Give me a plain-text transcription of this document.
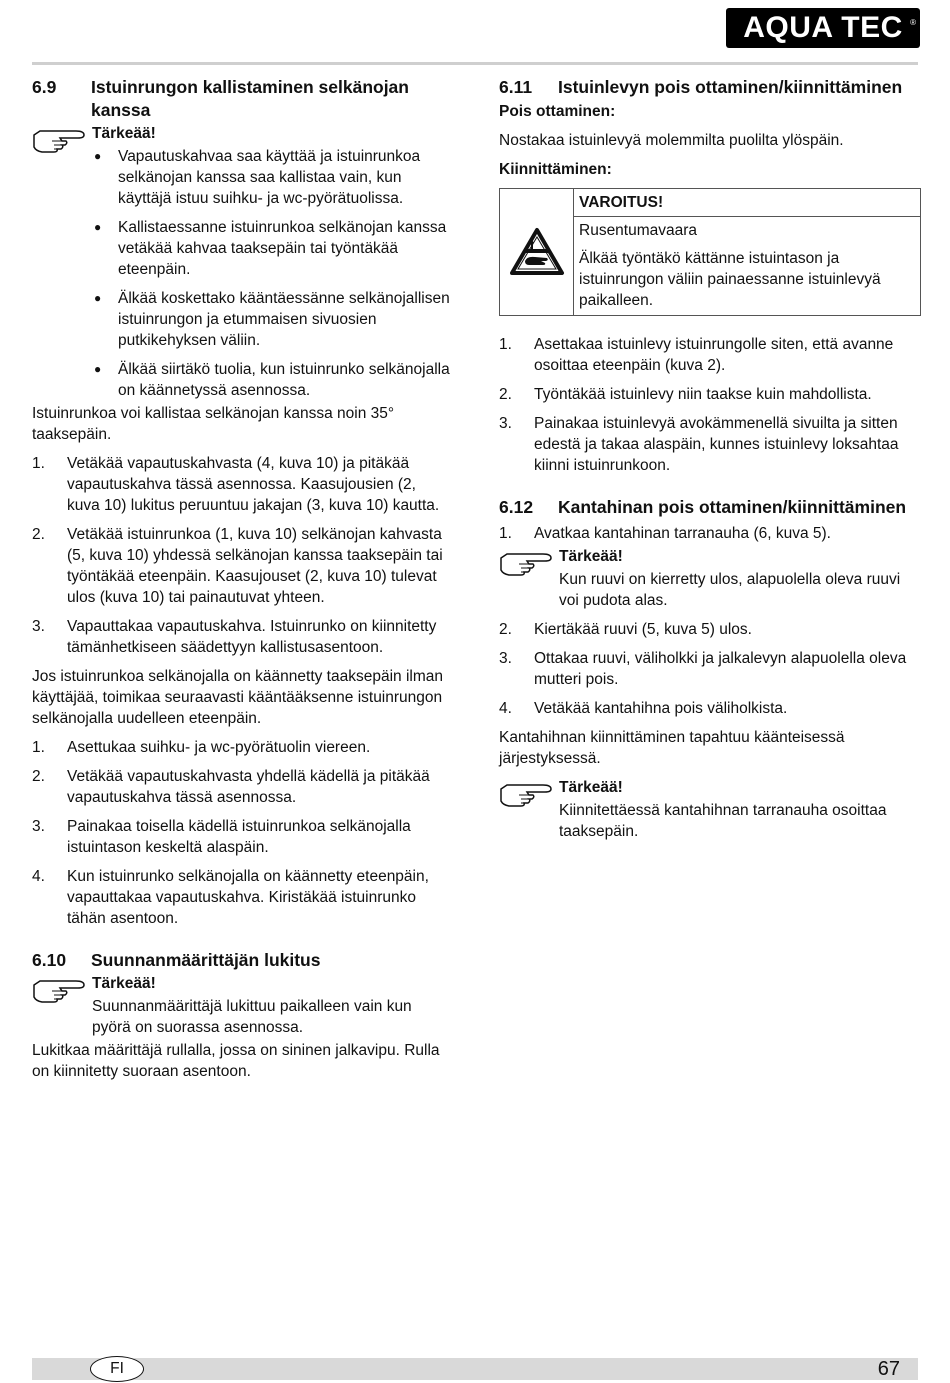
AQUA TEC ®
6.9	Istuinrungon kallistaminen selkänojan kanssa
Tärkeää!
● Vapautuskahvaa saa käyttää ja istuinrunkoa selkänojan kanssa saa kallistaa vain, kun käyttäjä istuu suihku- ja wc-pyörätuolissa.
● Kallistaessanne istuinrunkoa selkänojan kanssa vetäkää kahvaa taaksepäin tai työntäkää eteenpäin.
● Älkää koskettako kääntäessänne selkänojallisen istuinrungon ja etummaisen sivuosien putkikehyksen väliin.
● Älkää siirtäkö tuolia, kun istuinrunko selkänojalla on käännetyssä asennossa.

Istuinrunkoa voi kallistaa selkänojan kanssa noin 35° taaksepäin.

1.	Vetäkää vapautuskahvasta (4, kuva 10) ja pitäkää vapautuskahva tässä asennossa. Kaasujousien (2, kuva 10) lukitus peruuntuu jakajan (3, kuva 10) kautta.
2.	Vetäkää istuinrunkoa (1, kuva 10) selkänojan kahvasta (5, kuva 10) yhdessä selkänojan kanssa taaksepäin tai työntäkää eteenpäin. Kaasujouset (2, kuva 10) tulevat ulos (kuva 10) tai painautuvat yhteen.
3.	Vapauttakaa vapautuskahva. Istuinrunko on kiinnitetty tämänhetkiseen säädettyyn kallistusasentoon.

Jos istuinrunkoa selkänojalla on käännetty taaksepäin ilman käyttäjää, toimikaa seuraavasti kääntääksenne istuinrungon selkänojalla uudelleen eteenpäin.

1.	Asettukaa suihku- ja wc-pyörätuolin viereen.
2.	Vetäkää vapautuskahvasta yhdellä kädellä ja pitäkää vapautuskahva tässä asennossa.
3.	Painakaa toisella kädellä istuinrunkoa selkänojalla istuintason keskeltä alaspäin.
4.	Kun istuinrunko selkänojalla on käännetty eteenpäin, vapauttakaa vapautuskahva. Kiristäkää istuinrunko tähän asentoon.
6.10	Suunnanmäärittäjän lukitus
Tärkeää!

Suunnanmäärittäjä lukittuu paikalleen vain kun pyörä on suorassa asennossa.

Lukitkaa määrittäjä rullalla, jossa on sininen jalkavipu. Rulla on kiinnitetty suoraan asentoon.

6.11	Istuinlevyn pois ottaminen/kiinnittäminen
Pois ottaminen:

Nostakaa istuinlevyä molemmilta puolilta ylöspäin.

Kiinnittäminen:
VAROITUS!
Rusentumavaara
Älkää työntäkö kättänne istuintason ja istuinrungon väliin painaessanne istuinlevyä paikalleen.
1.	Asettakaa istuinlevy istuinrungolle siten, että avanne osoittaa eteenpäin (kuva 2).
2.	Työntäkää istuinlevy niin taakse kuin mahdollista.
3.	Painakaa istuinlevyä avokämmenellä sivuilta ja sitten edestä ja takaa alaspäin, kunnes istuinlevy loksahtaa kiinni istuinrunkoon.
6.12	Kantahinan pois ottaminen/kiinnittäminen
1.	Avatkaa kantahinan tarranauha (6, kuva 5).
Tärkeää!

Kun ruuvi on kierretty ulos, alapuolella oleva ruuvi voi pudota alas.

2.	Kiertäkää ruuvi (5, kuva 5) ulos.
3.	Ottakaa ruuvi, väliholkki ja jalkalevyn alapuolella oleva mutteri pois.
4.	Vetäkää kantahihna pois väliholkista.

Kantahihnan kiinnittäminen tapahtuu käänteisessä järjestyksessä.

Tärkeää!

Kiinnitettäessä kantahihnan tarranauha osoittaa taaksepäin.

FI	67
